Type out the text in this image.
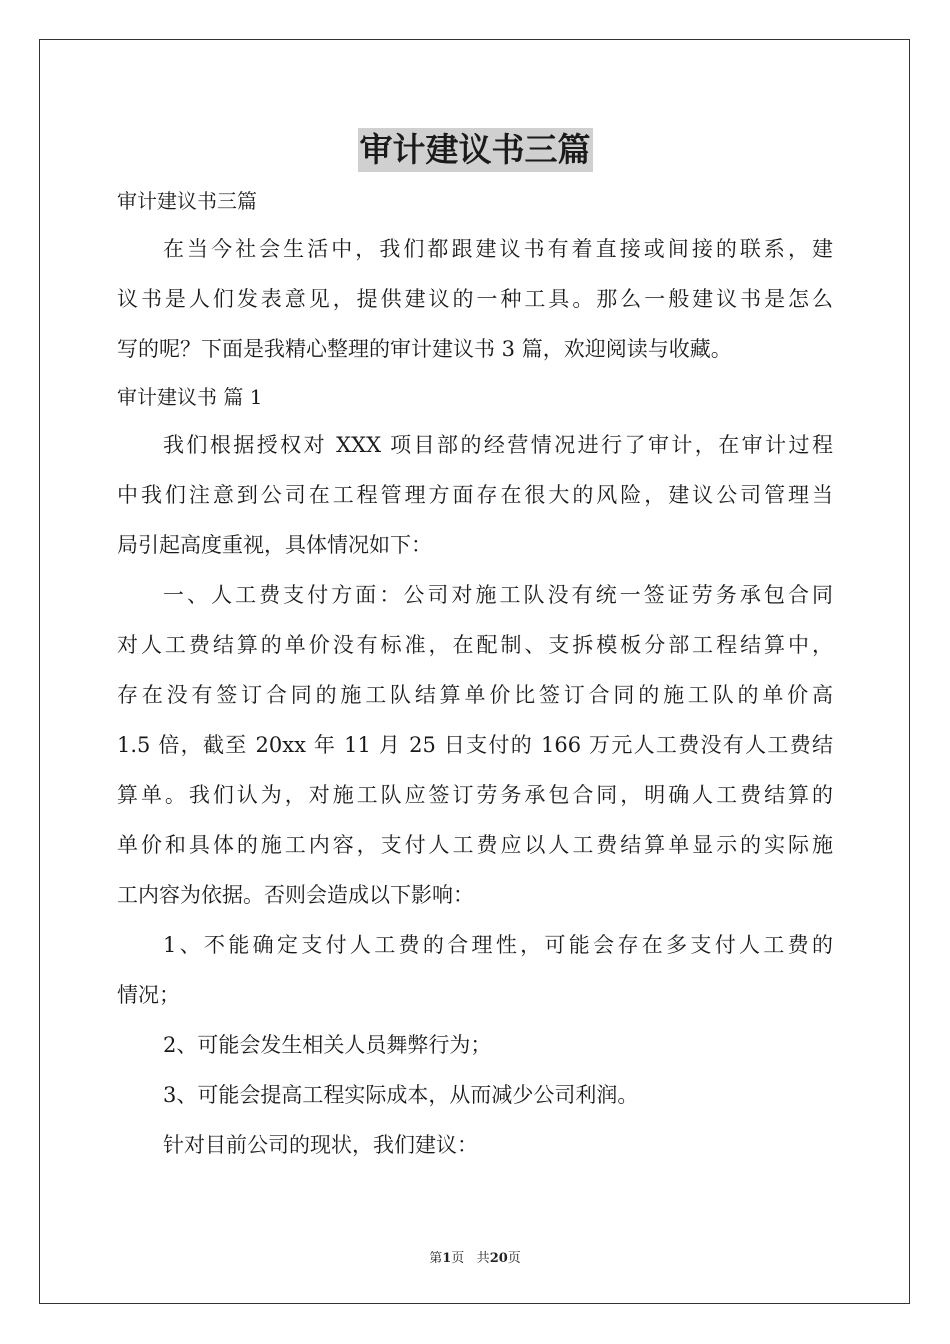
审计建议书三篇
审计建议书三篇
在当今社会生活中，我们都跟建议书有着直接或间接的联系，建
议书是人们发表意见，提供建议的一种工具。那么一般建议书是怎么
写的呢？下面是我精心整理的审计建议书 3 篇，欢迎阅读与收藏。
审计建议书 篇 1
我们根据授权对 XXX 项目部的经营情况进行了审计，在审计过程
中我们注意到公司在工程管理方面存在很大的风险，建议公司管理当
局引起高度重视，具体情况如下：
一、人工费支付方面：公司对施工队没有统一签证劳务承包合同
对人工费结算的单价没有标准，在配制、支拆模板分部工程结算中，
存在没有签订合同的施工队结算单价比签订合同的施工队的单价高
1.5 倍，截至 20xx 年 11 月 25 日支付的 166 万元人工费没有人工费结
算单。我们认为，对施工队应签订劳务承包合同，明确人工费结算的
单价和具体的施工内容，支付人工费应以人工费结算单显示的实际施
工内容为依据。否则会造成以下影响：
1、不能确定支付人工费的合理性，可能会存在多支付人工费的
情况；
2、可能会发生相关人员舞弊行为；
3、可能会提高工程实际成本，从而减少公司利润。
针对目前公司的现状，我们建议：
第1页 共20页
